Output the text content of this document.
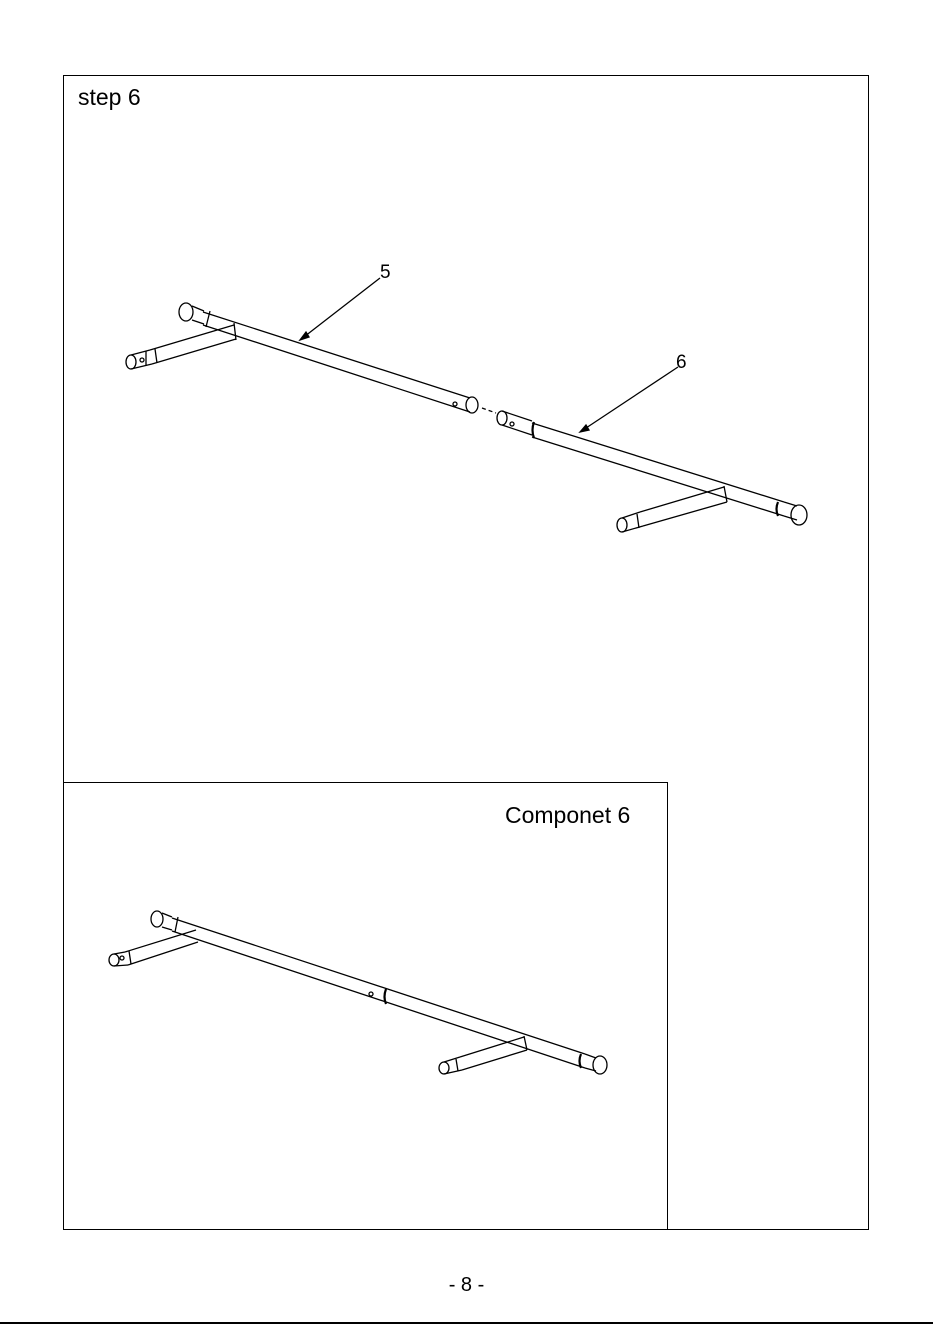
step 6
5
6
Componet 6
- 8 -
